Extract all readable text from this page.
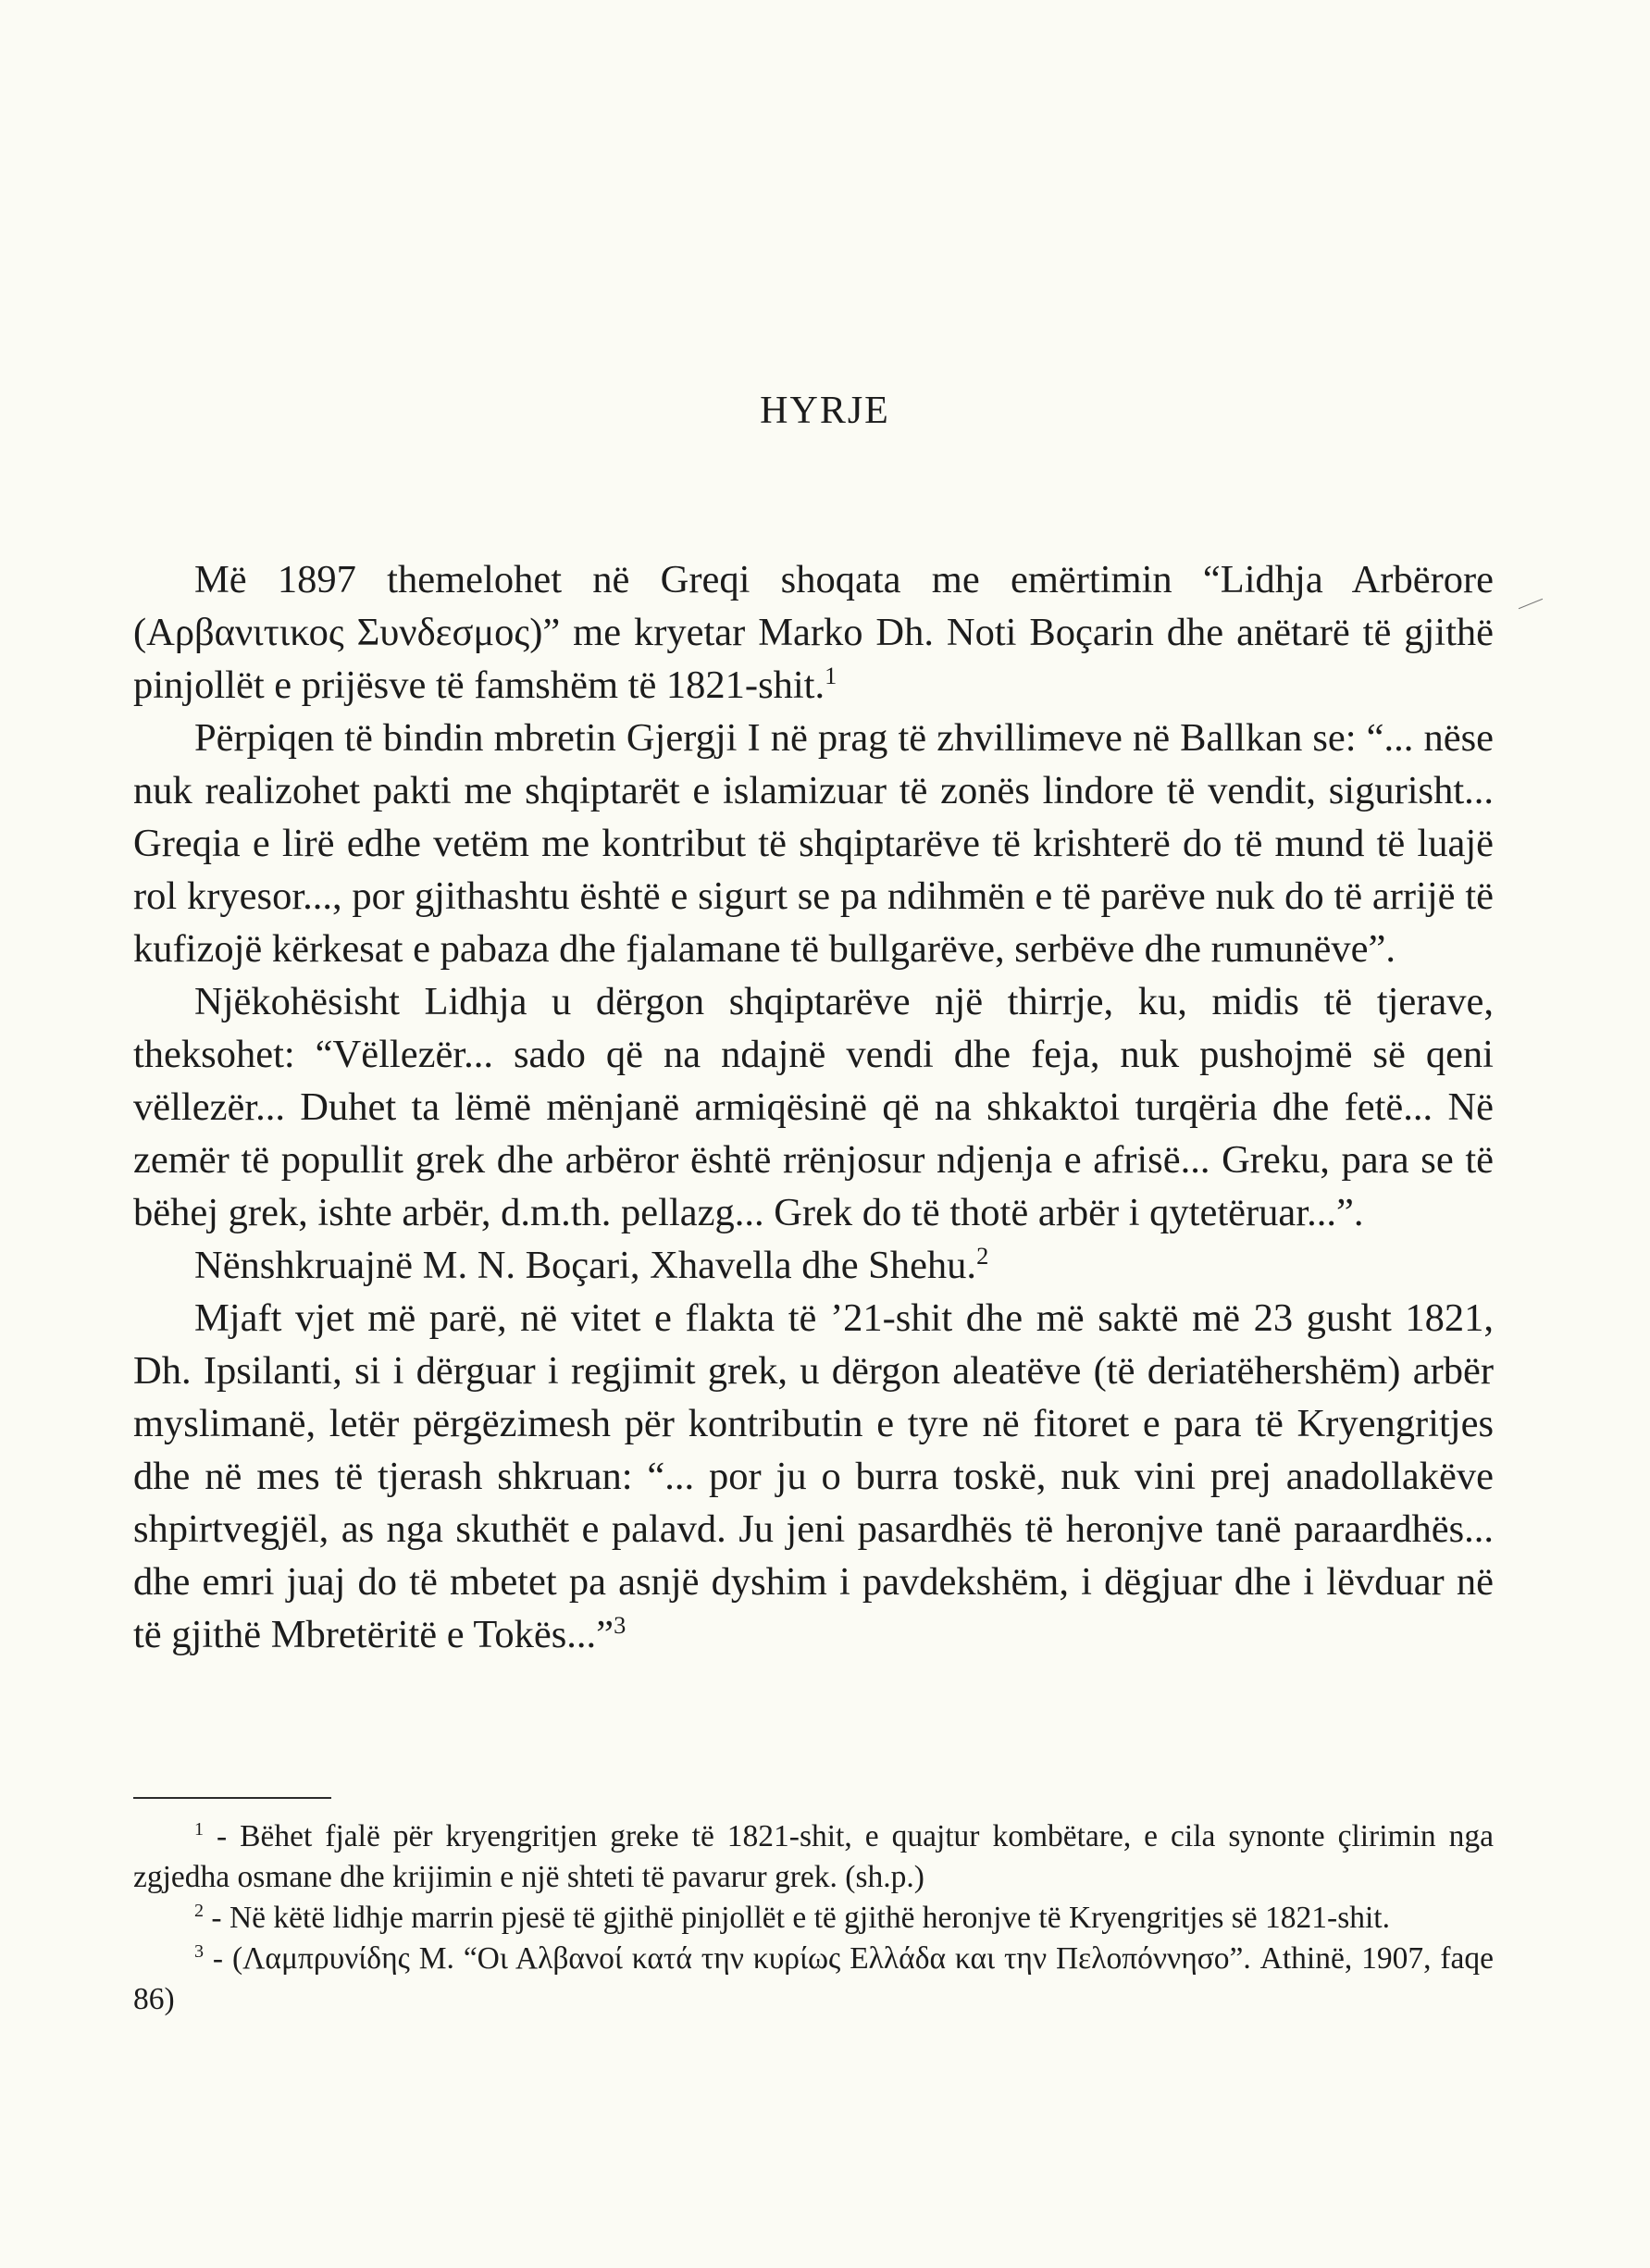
HYRJE

Më 1897 themelohet në Greqi shoqata me emërtimin “Lidhja Arbërore (Αρβανιτικος Συνδεσμος)” me kryetar Marko Dh. Noti Boçarin dhe anëtarë të gjithë pinjollët e prijësve të famshëm të 1821-shit.$^1$

Përpiqen të bindin mbretin Gjergji I në prag të zhvillimeve në Ballkan se: “... nëse nuk realizohet pakti me shqiptarët e islamizuar të zonës lindore të vendit, sigurisht... Greqia e lirë edhe vetëm me kontribut të shqiptarëve të krishterë do të mund të luajë rol kryesor..., por gjithashtu është e sigurt se pa ndihmën e të parëve nuk do të arrijë të kufizojë kërkesat e pabaza dhe fjalamane të bullgarëve, serbëve dhe rumunëve”.

Njëkohësisht Lidhja u dërgon shqiptarëve një thirrje, ku, midis të tjerave, theksohet: “Vëllezër... sado që na ndajnë vendi dhe feja, nuk pushojmë së qeni vëllezër... Duhet ta lëmë mënjanë armiqësinë që na shkaktoi turqëria dhe fetë... Në zemër të popullit grek dhe arbëror është rrënjosur ndjenja e afrisë... Greku, para se të bëhej grek, ishte arbër, d.m.th. pellazg... Grek do të thotë arbër i qytetëruar...”.

Nënshkruajnë M. N. Boçari, Xhavella dhe Shehu.$^2$

Mjaft vjet më parë, në vitet e flakta të ’21-shit dhe më saktë më 23 gusht 1821, Dh. Ipsilanti, si i dërguar i regjimit grek, u dërgon aleatëve (të deriatëhershëm) arbër myslimanë, letër përgëzimesh për kontributin e tyre në fitoret e para të Kryengritjes dhe në mes të tjerash shkruan: “... por ju o burra toskë, nuk vini prej anadollakëve shpirtvegjël, as nga skuthët e palavd. Ju jeni pasardhës të heronjve tanë paraardhës... dhe emri juaj do të mbetet pa asnjë dyshim i pavdekshëm, i dëgjuar dhe i lëvduar në të gjithë Mbretëritë e Tokës...”$^3$

$^1$ - Bëhet fjalë për kryengritjen greke të 1821-shit, e quajtur kombëtare, e cila synonte çlirimin nga zgjedha osmane dhe krijimin e një shteti të pavarur grek. (sh.p.)

$^2$ - Në këtë lidhje marrin pjesë të gjithë pinjollët e të gjithë heronjve të Kryengritjes së 1821-shit.

$^3$ - (Λαμπρυνίδης Μ. “Οι Αλβανοί κατά την κυρίως Ελλάδα και την Πελοπόννησο”. Athinë, 1907, faqe 86)
